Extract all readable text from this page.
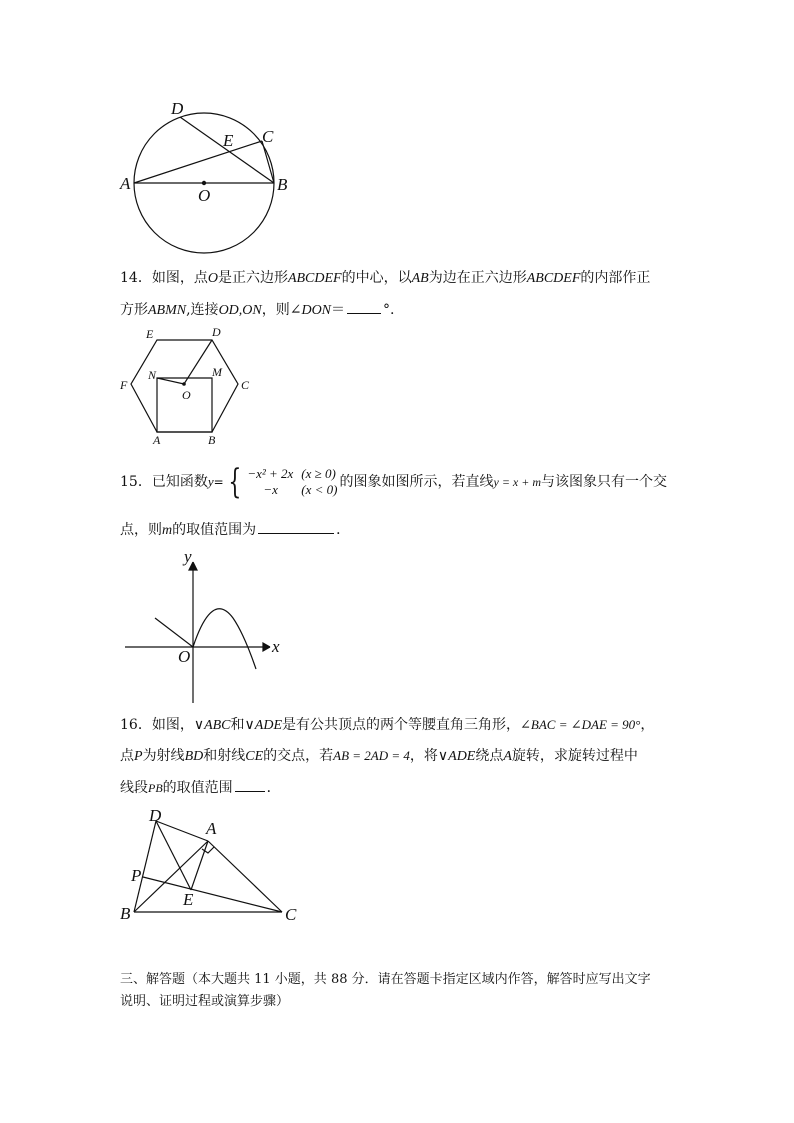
D
E C
A	B
O
14．如图，点O是正六边形ABCDEF的中心，以AB为边在正六边形ABCDEF的内部作正
方形ABMN,连接OD,ON，则∠DON＝	°.
E	D
F	C
N	M
O
A	B
15．已知函数y= { −x² + 2x
−x(x ≥ 0)
(x < 0) 的图象如图所示，若直线y = x + m与该图象只有一个交
点，则m的取值范围为	．
y
x
O
16．如图，∨ABC和∨ADE是有公共顶点的两个等腰直角三角形，∠BAC = ∠DAE = 90°，
点P为射线BD和射线CE的交点，若AB = 2AD = 4，将∨ADE绕点A旋转，求旋转过程中
线段PB的取值范围 ．
D
A
P
E
B	C
三、解答题（本大题共 11 小题，共 88 分．请在答题卡指定区域内作答，解答时应写出文字
说明、证明过程或演算步骤）
